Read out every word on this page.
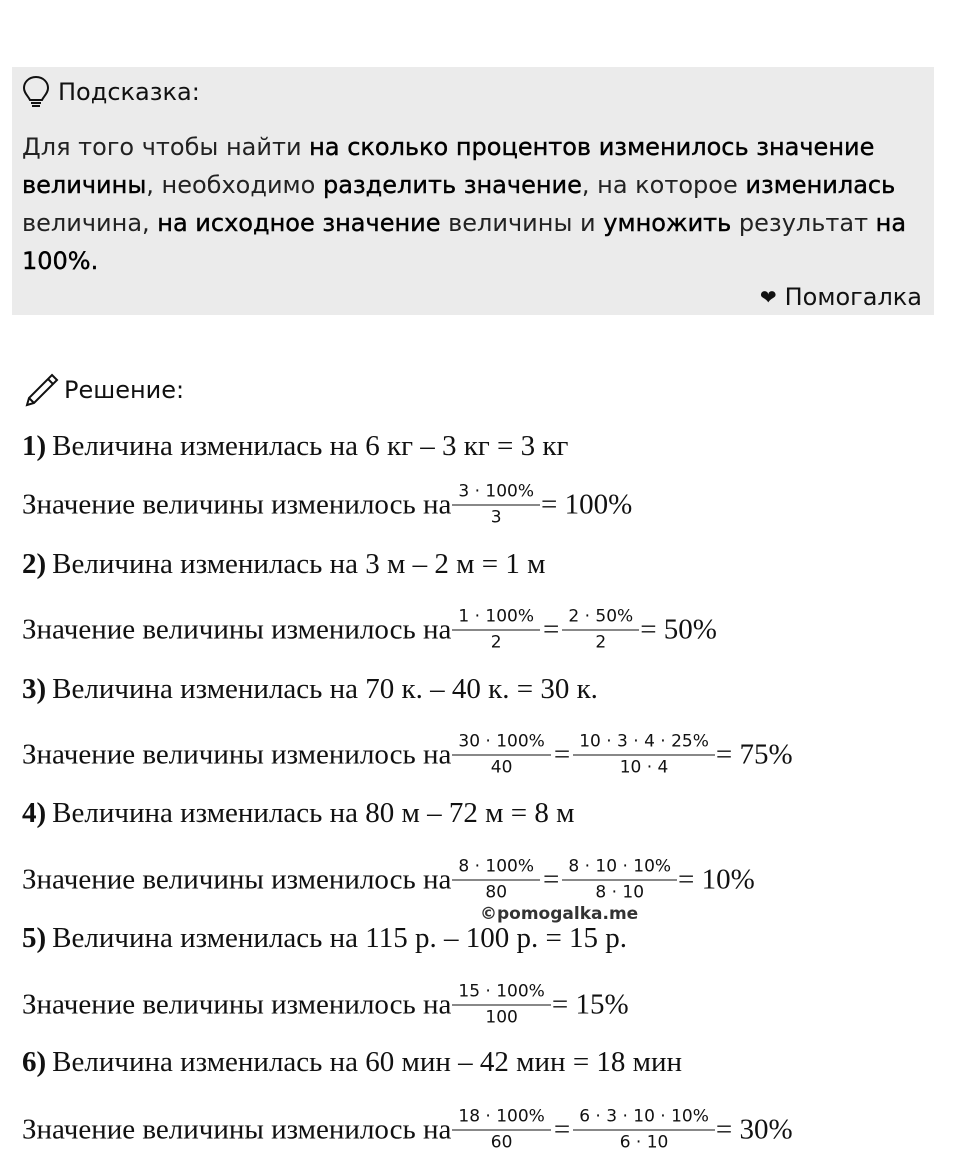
Подсказка:
Для того чтобы найти на сколько процентов изменилось значение величины, необходимо разделить значение, на которое изменилась величина, на исходное значение величины и умножить результат на 100%.
❤ Помогалка
Решение:
1) Величина изменилась на 6 кг – 3 кг = 3 кг
Значение величины изменилось на $\frac{3 \cdot 100\%}{3} = 100\%$
2) Величина изменилась на 3 м – 2 м = 1 м
Значение величины изменилось на $\frac{1 \cdot 100\%}{2} = \frac{2 \cdot 50\%}{2} = 50\%$
3) Величина изменилась на 70 к. – 40 к. = 30 к.
Значение величины изменилось на $\frac{30 \cdot 100\%}{40} = \frac{10 \cdot 3 \cdot 4 \cdot 25\%}{10 \cdot 4} = 75\%$
4) Величина изменилась на 80 м – 72 м = 8 м
Значение величины изменилось на $\frac{8 \cdot 100\%}{80} = \frac{8 \cdot 10 \cdot 10\%}{8 \cdot 10} = 10\%$
5) Величина изменилась на 115 р. – 100 р. = 15 р.
Значение величины изменилось на $\frac{15 \cdot 100\%}{100} = 15\%$
6) Величина изменилась на 60 мин – 42 мин = 18 мин
Значение величины изменилось на $\frac{18 \cdot 100\%}{60} = \frac{6 \cdot 3 \cdot 10 \cdot 10\%}{6 \cdot 10} = 30\%$
©pomogalka.me
